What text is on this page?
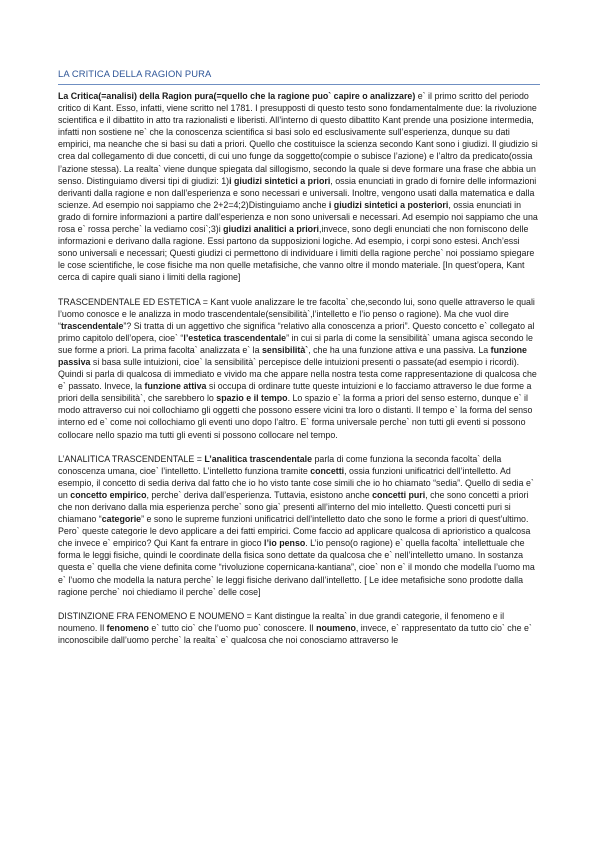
LA CRITICA DELLA RAGION PURA

La Critica(=analisi) della Ragion pura(=quello che la ragione puo` capire o analizzare) e` il primo scritto del periodo critico di Kant. Esso, infatti, viene scritto nel 1781. I presupposti di questo testo sono fondamentalmente due: la rivoluzione scientifica e il dibattito in atto tra razionalisti e liberisti. All’interno di questo dibattito Kant prende una posizione intermedia, infatti non sostiene ne` che la conoscenza scientifica si basi solo ed esclusivamente sull’esperienza, dunque su dati empirici, ma neanche che si basi su dati a priori. Quello che costituisce la scienza secondo Kant sono i giudizi. Il giudizio si crea dal collegamento di due concetti, di cui uno funge da soggetto(compie o subisce l’azione) e l’altro da predicato(ossia l’azione stessa). La realta` viene dunque spiegata dal sillogismo, secondo la quale si deve formare una frase che abbia un senso. Distinguiamo diversi tipi di giudizi: 1)i giudizi sintetici a priori, ossia enunciati in grado di fornire delle informazioni derivanti dalla ragione e non dall’esperienza e sono necessari e universali. Inoltre, vengono usati dalla matematica e dalla scienze. Ad esempio noi sappiamo che 2+2=4;2)Distinguiamo anche i giudizi sintetici a posteriori, ossia enunciati in grado di fornire informazioni a partire dall’esperienza e non sono universali e necessari. Ad esempio noi sappiamo che una rosa e` rossa perche` la vediamo cosi`;3)i giudizi analitici a priori,invece, sono degli enunciati che non forniscono delle informazioni e derivano dalla ragione. Essi partono da supposizioni logiche. Ad esempio, i corpi sono estesi. Anch’essi sono universali e necessari; Questi giudizi ci permettono di individuare i limiti della ragione perche` noi possiamo spiegare le cose scientifiche, le cose fisiche ma non quelle metafisiche, che vanno oltre il mondo materiale. [In quest’opera, Kant cerca di capire quali siano i limiti della ragione]

TRASCENDENTALE ED ESTETICA = Kant vuole analizzare le tre facolta` che,secondo lui, sono quelle attraverso le quali l’uomo conosce e le analizza in modo trascendentale(sensibilità`,l’intelletto e l’io penso o ragione). Ma che vuol dire “trascendentale”? Si tratta di un aggettivo che significa “relativo alla conoscenza a priori”. Questo concetto e` collegato al primo capitolo dell’opera, cioe` “l’estetica trascendentale” in cui si parla di come la sensibilità` umana agisca secondo le sue forme a priori. La prima facolta` analizzata e` la sensibilità`, che ha una funzione attiva e una passiva. La funzione passiva si basa sulle intuizioni, cioe` la sensibilità` percepisce delle intuizioni presenti o passate(ad esempio i ricordi). Quindi si parla di qualcosa di immediato e vivido ma che appare nella nostra testa come rappresentazione di qualcosa che e` passato. Invece, la funzione attiva si occupa di ordinare tutte queste intuizioni e lo facciamo attraverso le due forme a priori della sensibilità`, che sarebbero lo spazio e il tempo. Lo spazio e` la forma a priori del senso esterno, dunque e` il modo attraverso cui noi collochiamo gli oggetti che possono essere vicini tra loro o distanti. Il tempo e` la forma del senso interno ed e` come noi collochiamo gli eventi uno dopo l’altro. E` forma universale perche` non tutti gli eventi si possono collocare nello spazio ma tutti gli eventi si possono collocare nel tempo.

L’ANALITICA TRASCENDENTALE = L’analitica trascendentale parla di come funziona la seconda facolta` della conoscenza umana, cioe` l’intelletto. L’intelletto funziona tramite concetti, ossia funzioni unificatrici dell’intelletto. Ad esempio, il concetto di sedia deriva dal fatto che io ho visto tante cose simili che io ho chiamato “sedia”. Quello di sedia e` un concetto empirico, perche` deriva dall’esperienza. Tuttavia, esistono anche concetti puri, che sono concetti a priori che non derivano dalla mia esperienza perche` sono gia` presenti all’interno del mio intelletto. Questi concetti puri si chiamano “categorie” e sono le supreme funzioni unificatrici dell’intelletto dato che sono le forme a priori di quest’ultimo. Pero` queste categorie le devo applicare a dei fatti empirici. Come faccio ad applicare qualcosa di aprioristico a qualcosa che invece e` empirico? Qui Kant fa entrare in gioco l’io penso. L’io penso(o ragione) e` quella facolta` intellettuale che forma le leggi fisiche, quindi le coordinate della fisica sono dettate da qualcosa che e` nell’intelletto umano. In sostanza questa e` quella che viene definita come “rivoluzione copernicana-kantiana”, cioe` non e` il mondo che modella l’uomo ma e` l’uomo che modella la natura perche` le leggi fisiche derivano dall’intelletto. [ Le idee metafisiche sono prodotte dalla ragione perche` noi chiediamo il perche` delle cose]

DISTINZIONE FRA FENOMENO E NOUMENO = Kant distingue la realta` in due grandi categorie, il fenomeno e il noumeno. Il fenomeno e` tutto cio` che l’uomo puo` conoscere. Il noumeno, invece, e` rappresentato da tutto cio` che e` inconoscibile dall’uomo perche` la realta` e` qualcosa che noi conosciamo attraverso le
